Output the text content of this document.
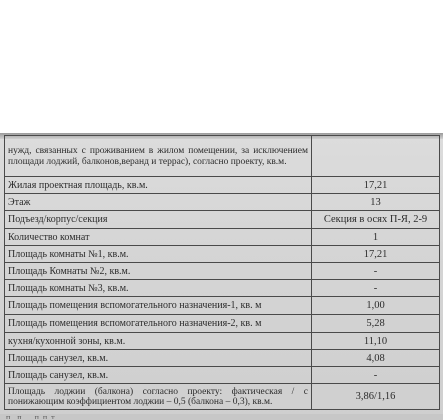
нужд, связанных с проживанием в жилом помещении, за исключением площади лоджий, балконов,веранд и террас), согласно проекту, кв.м.	
Жилая проектная площадь, кв.м.	17,21
Этаж	13
Подъезд/корпус/секция	Секция в осях П-Я, 2-9
Количество комнат	1
Площадь комнаты №1, кв.м.	17,21
Площадь Комнаты №2, кв.м.	-
Площадь комнаты №3, кв.м.	-
Площадь помещения вспомогательного назначения-1, кв. м	1,00
Площадь помещения вспомогательного назначения-2, кв. м	5,28
кухня/кухонной зоны, кв.м.	11,10
Площадь санузел, кв.м.	4,08
Площадь санузел, кв.м.	-
Площадь лоджии (балкона) согласно проекту: фактическая / с понижающим коэффициентом лоджии – 0,5 (балкона – 0,3), кв.м.	3,86/1,16
п..п. ..п.п.т
